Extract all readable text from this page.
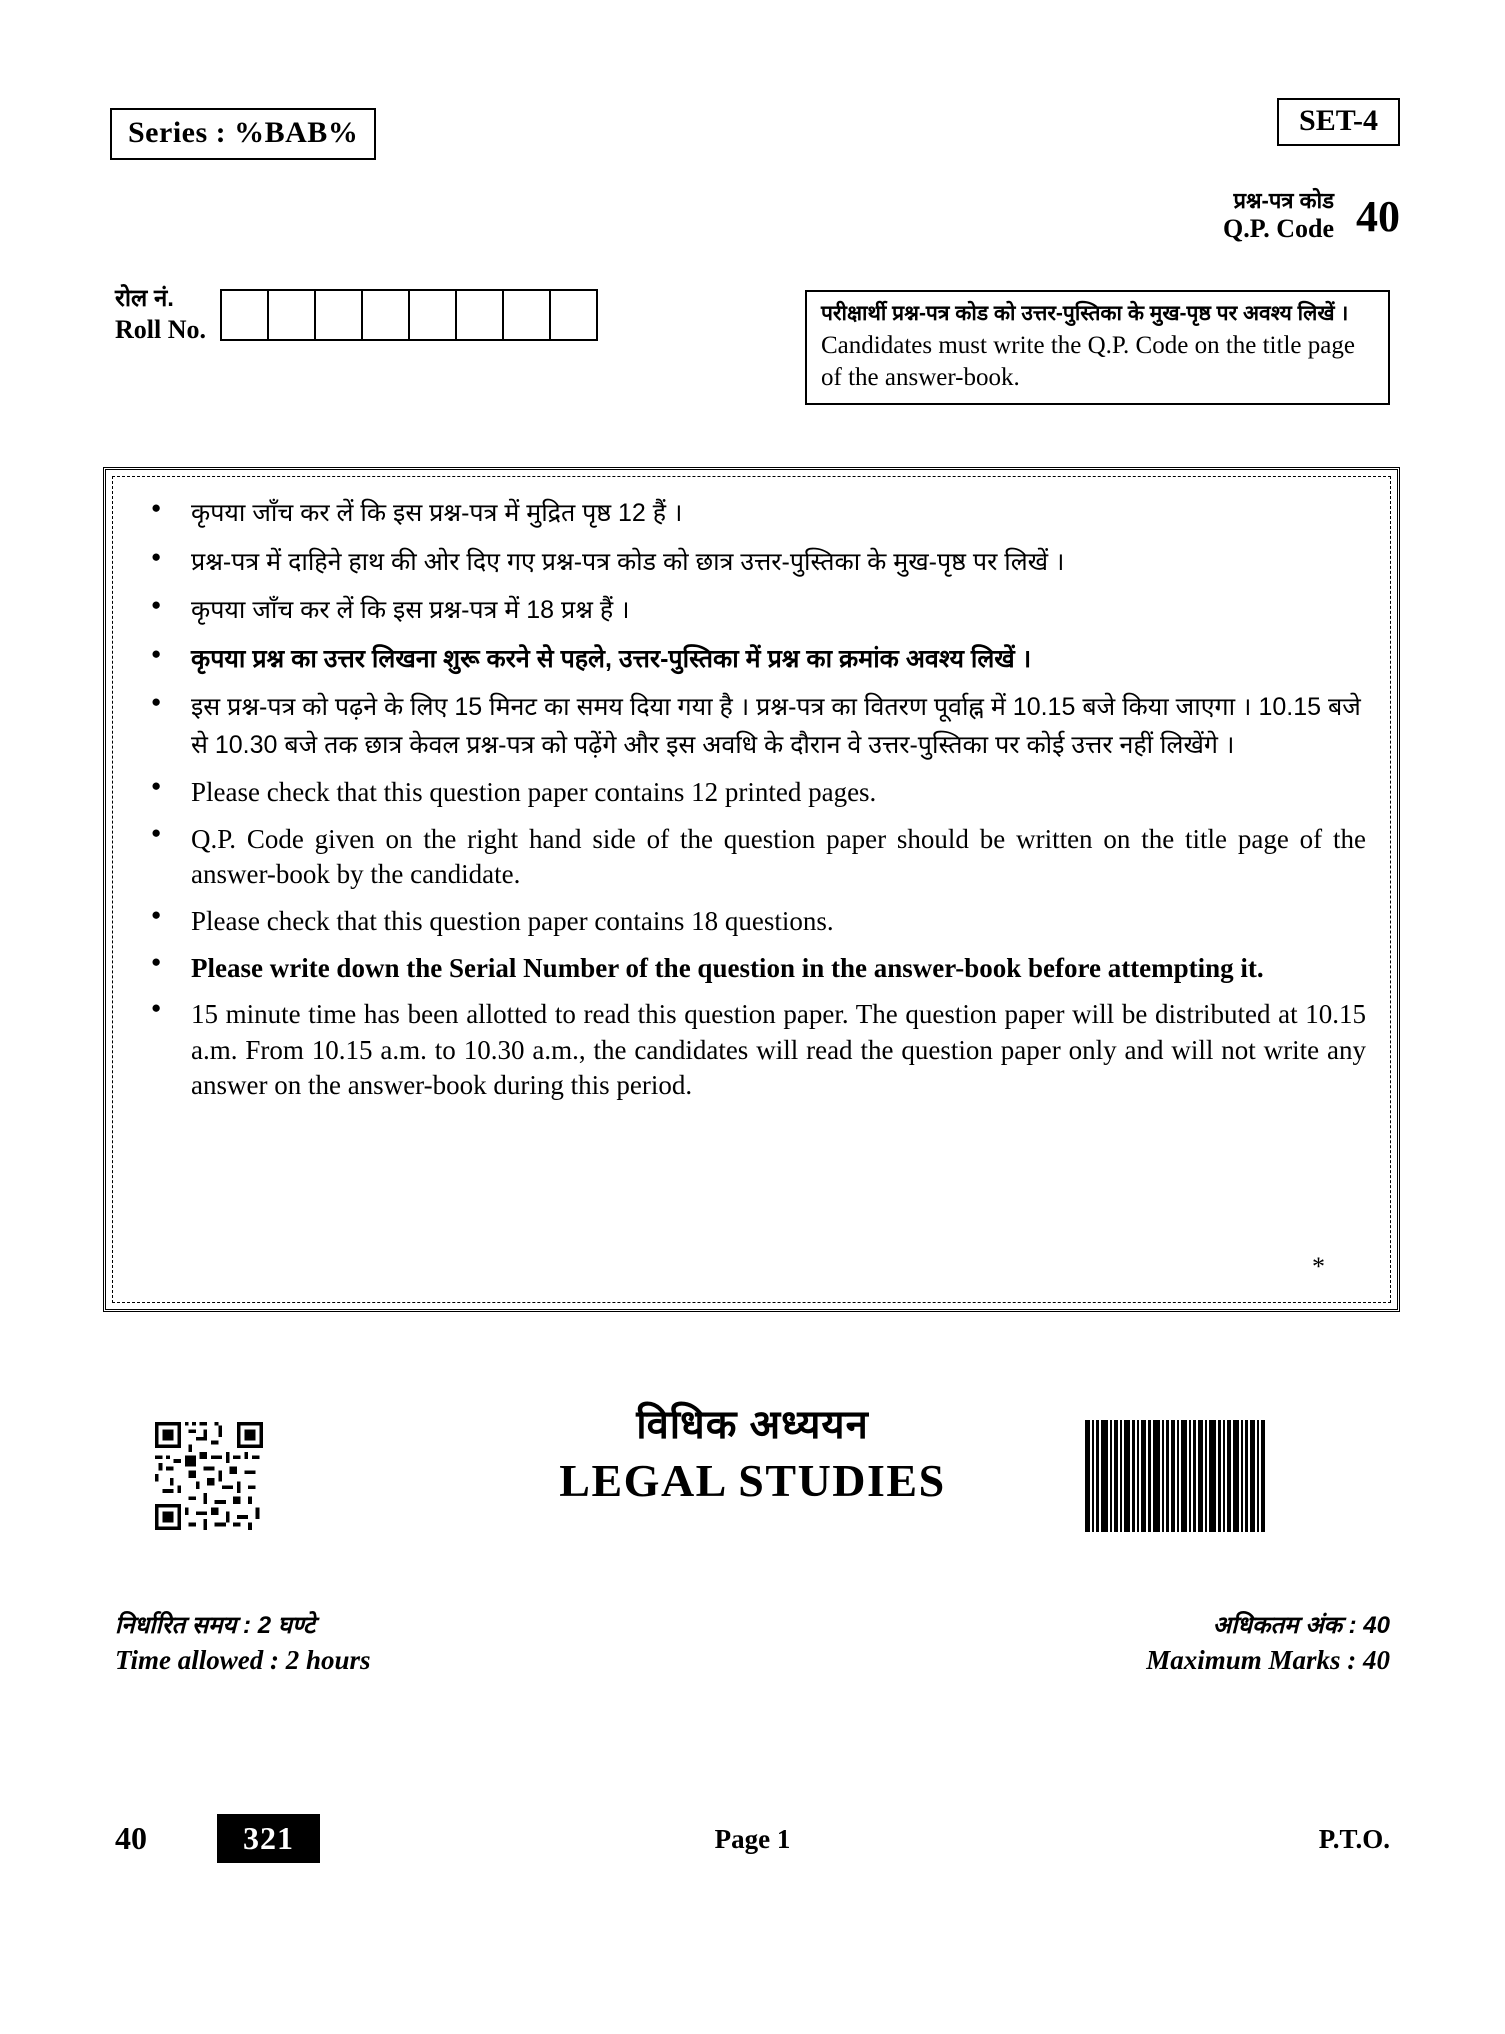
Series : %BAB%	SET-4
प्रश्न-पत्र कोड
Q.P. Code 40
रोल नं.
Roll No.
परीक्षार्थी प्रश्न-पत्र कोड को उत्तर-पुस्तिका के मुख-पृष्ठ पर अवश्य लिखें ।
Candidates must write the Q.P. Code on the title page of the answer-book.
● कृपया जाँच कर लें कि इस प्रश्न-पत्र में मुद्रित पृष्ठ 12 हैं ।
● प्रश्न-पत्र में दाहिने हाथ की ओर दिए गए प्रश्न-पत्र कोड को छात्र उत्तर-पुस्तिका के मुख-पृष्ठ पर लिखें ।
● कृपया जाँच कर लें कि इस प्रश्न-पत्र में 18 प्रश्न हैं ।
● कृपया प्रश्न का उत्तर लिखना शुरू करने से पहले, उत्तर-पुस्तिका में प्रश्न का क्रमांक अवश्य लिखें ।
● इस प्रश्न-पत्र को पढ़ने के लिए 15 मिनट का समय दिया गया है । प्रश्न-पत्र का वितरण पूर्वाह्न में 10.15 बजे किया जाएगा । 10.15 बजे से 10.30 बजे तक छात्र केवल प्रश्न-पत्र को पढ़ेंगे और इस अवधि के दौरान वे उत्तर-पुस्तिका पर कोई उत्तर नहीं लिखेंगे ।
● Please check that this question paper contains 12 printed pages.
● Q.P. Code given on the right hand side of the question paper should be written on the title page of the answer-book by the candidate.
● Please check that this question paper contains 18 questions.
● Please write down the Serial Number of the question in the answer-book before attempting it.
● 15 minute time has been allotted to read this question paper. The question paper will be distributed at 10.15 a.m. From 10.15 a.m. to 10.30 a.m., the candidates will read the question paper only and will not write any answer on the answer-book during this period.
*
विधिक अध्ययन
LEGAL STUDIES
निर्धारित समय : 2 घण्टे
Time allowed : 2 hours
अधिकतम अंक : 40
Maximum Marks : 40
40	321	Page 1	P.T.O.
